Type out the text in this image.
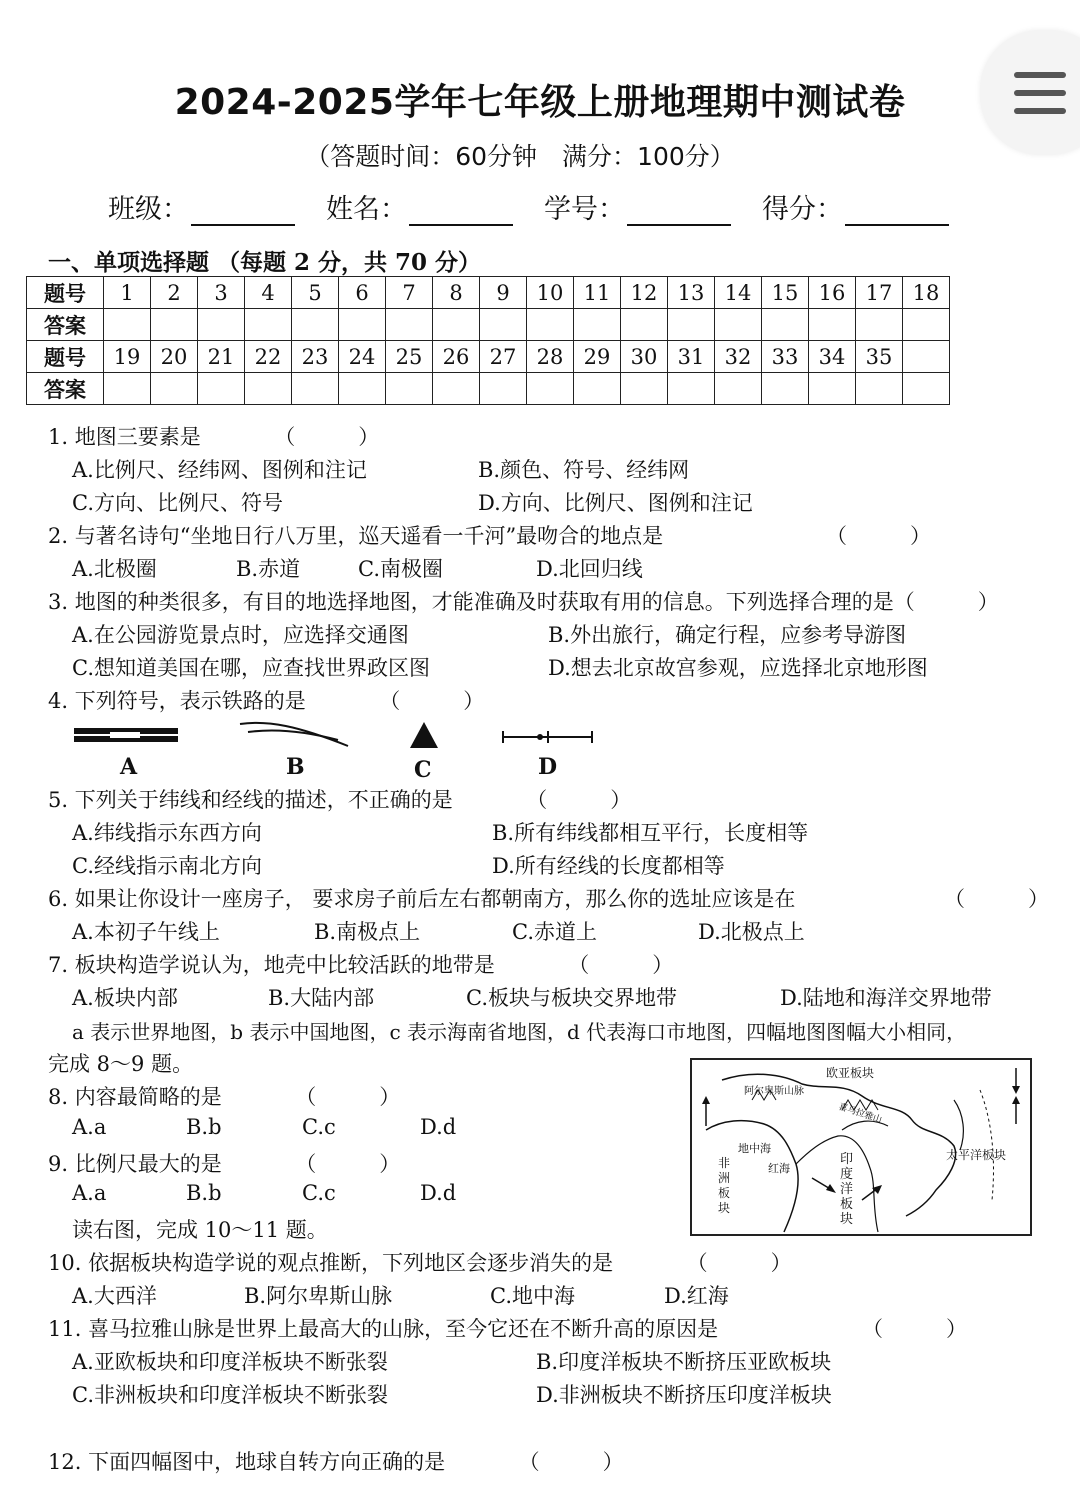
2024-2025学年七年级上册地理期中测试卷
（答题时间：60分钟　满分：100分）
班级：	姓名：	学号：	得分：
一、单项选择题 （每题 2 分，共 70 分）
题号	1	2	3	4	5	6	7	8	9	10	11	12	13	14	15	16	17	18
答案																		
题号	19	20	21	22	23	24	25	26	27	28	29	30	31	32	33	34	35	
答案																		
1. 地图三要素是　　　　（　　　）
A.比例尺、经纬网、图例和注记	B.颜色、符号、经纬网
C.方向、比例尺、符号	D.方向、比例尺、图例和注记
2. 与著名诗句“坐地日行八万里，巡天遥看一千河”最吻合的地点是	（　　　）
A.北极圈	B.赤道	C.南极圈	D.北回归线
3. 地图的种类很多，有目的地选择地图，才能准确及时获取有用的信息。下列选择合理的是（　　　）
A.在公园游览景点时，应选择交通图	B.外出旅行，确定行程，应参考导游图
C.想知道美国在哪，应查找世界政区图	D.想去北京故宫参观，应选择北京地形图
4. 下列符号，表示铁路的是　　　　（　　　）
A	B	C	D
5. 下列关于纬线和经线的描述，不正确的是　　　　（　　　）
A.纬线指示东西方向	B.所有纬线都相互平行，长度相等
C.经线指示南北方向	D.所有经线的长度都相等
6. 如果让你设计一座房子， 要求房子前后左右都朝南方，那么你的选址应该是在	（　　　）
A.本初子午线上	B.南极点上	C.赤道上	D.北极点上
7. 板块构造学说认为，地壳中比较活跃的地带是　　　　（　　　）
A.板块内部	B.大陆内部	C.板块与板块交界地带	D.陆地和海洋交界地带
a 表示世界地图，b 表示中国地图，c 表示海南省地图，d 代表海口市地图，四幅地图图幅大小相同，
完成 8～9 题。
8. 内容最简略的是　　　　（　　　）
A.a	B.b	C.c	D.d
9. 比例尺最大的是　　　　（　　　）
A.a	B.b	C.c	D.d
读右图，完成 10～11 题。
欧亚板块
阿尔卑斯山脉
喜马拉雅山
地中海
红海
太平洋板块
非洲板块
印度洋板块
10. 依据板块构造学说的观点推断，下列地区会逐步消失的是　　　　（　　　）
A.大西洋	B.阿尔卑斯山脉	C.地中海	D.红海
11. 喜马拉雅山脉是世界上最高大的山脉，至今它还在不断升高的原因是	（　　　）
A.亚欧板块和印度洋板块不断张裂	B.印度洋板块不断挤压亚欧板块
C.非洲板块和印度洋板块不断张裂	D.非洲板块不断挤压印度洋板块
12. 下面四幅图中，地球自转方向正确的是　　　　（　　　）
